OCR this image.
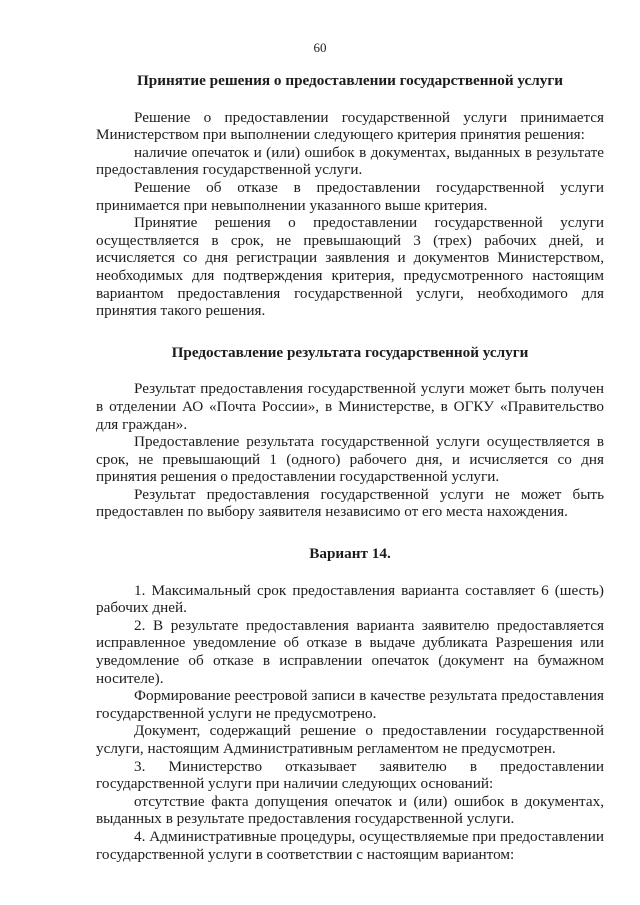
60
Принятие решения о предоставлении государственной услуги

Решение о предоставлении государственной услуги принимается Министерством при выполнении следующего критерия принятия решения:

наличие опечаток и (или) ошибок в документах, выданных в результате предоставления государственной услуги.

Решение об отказе в предоставлении государственной услуги принимается при невыполнении указанного выше критерия.

Принятие решения о предоставлении государственной услуги осуществляется в срок, не превышающий 3 (трех) рабочих дней, и исчисляется со дня регистрации заявления и документов Министерством, необходимых для подтверждения критерия, предусмотренного настоящим вариантом предоставления государственной услуги, необходимого для принятия такого решения.

Предоставление результата государственной услуги

Результат предоставления государственной услуги может быть получен в отделении АО «Почта России», в Министерстве, в ОГКУ «Правительство для граждан».

Предоставление результата государственной услуги осуществляется в срок, не превышающий 1 (одного) рабочего дня, и исчисляется со дня принятия решения о предоставлении государственной услуги.

Результат предоставления государственной услуги не может быть предоставлен по выбору заявителя независимо от его места нахождения.

Вариант 14.

1. Максимальный срок предоставления варианта составляет 6 (шесть) рабочих дней.

2. В результате предоставления варианта заявителю предоставляется исправленное уведомление об отказе в выдаче дубликата Разрешения или уведомление об отказе в исправлении опечаток (документ на бумажном носителе).

Формирование реестровой записи в качестве результата предоставления государственной услуги не предусмотрено.

Документ, содержащий решение о предоставлении государственной услуги, настоящим Административным регламентом не предусмотрен.

3. Министерство отказывает заявителю в предоставлении государственной услуги при наличии следующих оснований:

отсутствие факта допущения опечаток и (или) ошибок в документах, выданных в результате предоставления государственной услуги.

4. Административные процедуры, осуществляемые при предоставлении государственной услуги в соответствии с настоящим вариантом:
